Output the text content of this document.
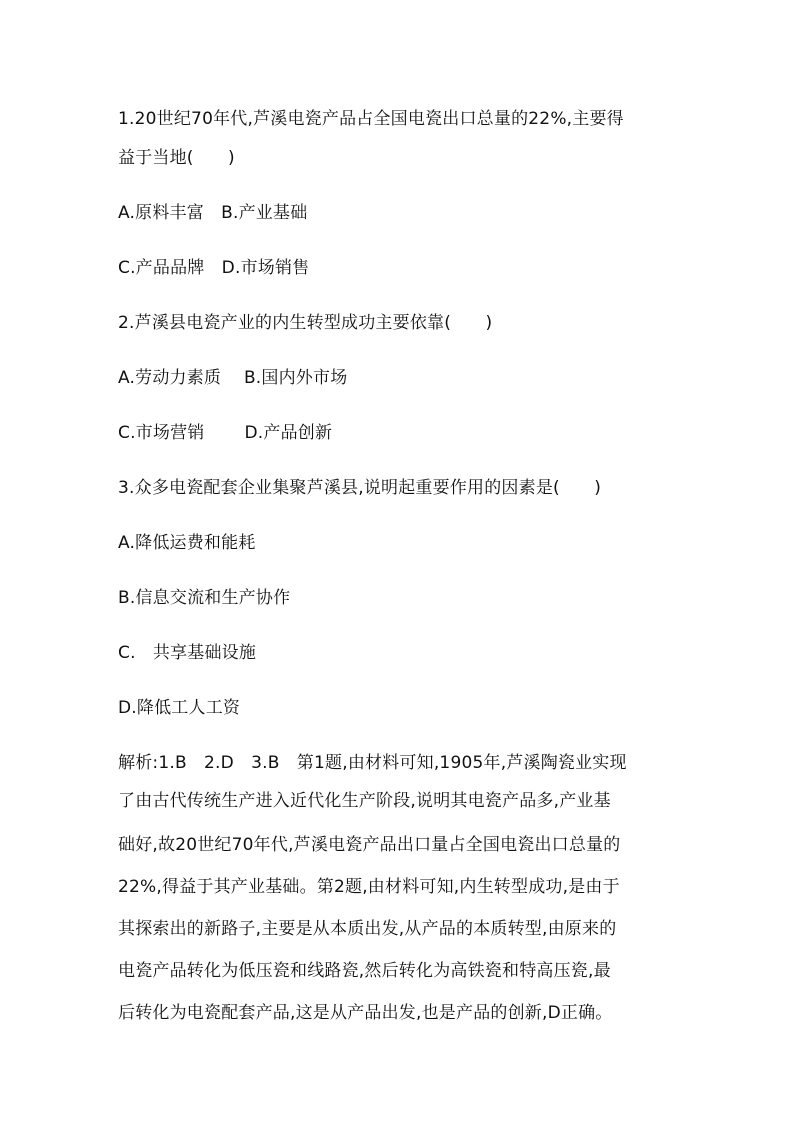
1.20世纪70年代,芦溪电瓷产品占全国电瓷出口总量的22%,主要得
益于当地(　　)
A.原料丰富　B.产业基础
C.产品品牌　D.市场销售
2.芦溪县电瓷产业的内生转型成功主要依靠(　　)
A.劳动力素质　 B.国内外市场
C.市场营销　　 D.产品创新
3.众多电瓷配套企业集聚芦溪县,说明起重要作用的因素是(　　)
A.降低运费和能耗
B.信息交流和生产协作
C.　共享基础设施
D.降低工人工资
解析:1.B　2.D　3.B　第1题,由材料可知,1905年,芦溪陶瓷业实现
了由古代传统生产进入近代化生产阶段,说明其电瓷产品多,产业基
础好,故20世纪70年代,芦溪电瓷产品出口量占全国电瓷出口总量的
22%,得益于其产业基础。第2题,由材料可知,内生转型成功,是由于
其探索出的新路子,主要是从本质出发,从产品的本质转型,由原来的
电瓷产品转化为低压瓷和线路瓷,然后转化为高铁瓷和特高压瓷,最
后转化为电瓷配套产品,这是从产品出发,也是产品的创新,D正确。
